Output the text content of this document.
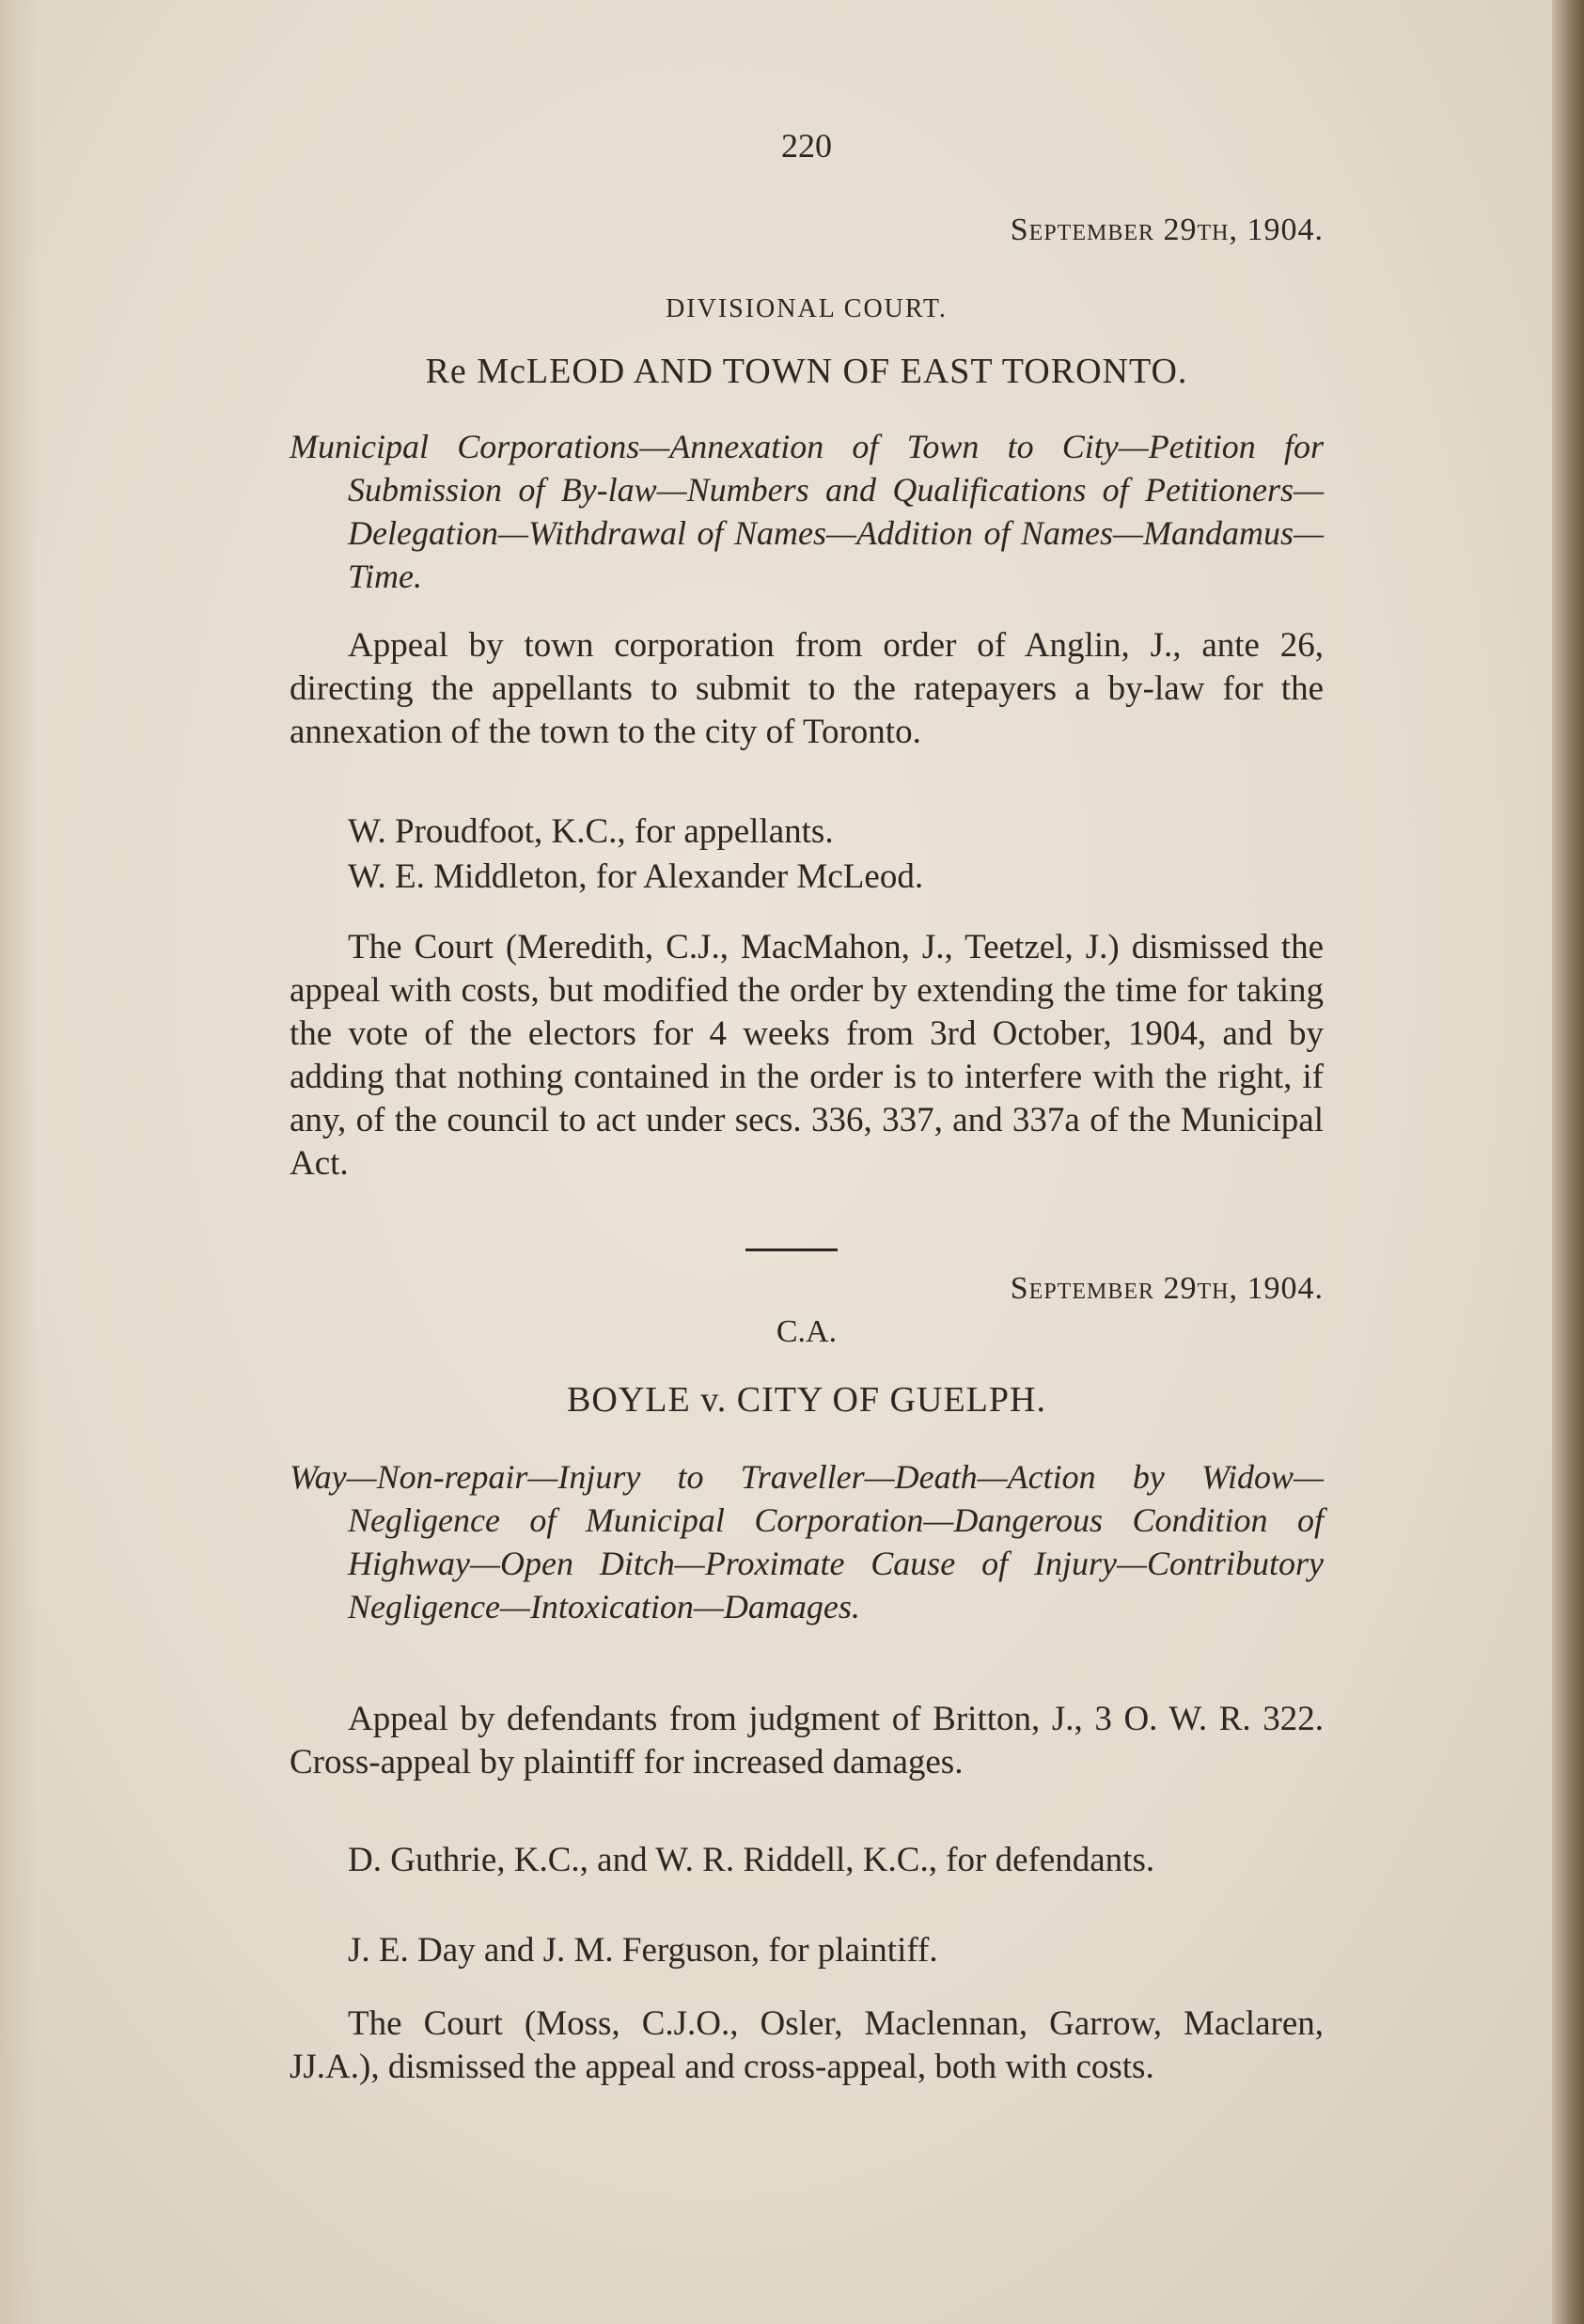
220
September 29th, 1904.
DIVISIONAL COURT.
Re McLEOD AND TOWN OF EAST TORONTO.

Municipal Corporations—Annexation of Town to City—Petition for Submission of By-law—Numbers and Qualifications of Petitioners—Delegation—Withdrawal of Names—Addition of Names—Mandamus—Time.

Appeal by town corporation from order of Anglin, J., ante 26, directing the appellants to submit to the ratepayers a by-law for the annexation of the town to the city of Toronto.

W. Proudfoot, K.C., for appellants.

W. E. Middleton, for Alexander McLeod.

The Court (Meredith, C.J., MacMahon, J., Teetzel, J.) dismissed the appeal with costs, but modified the order by extending the time for taking the vote of the electors for 4 weeks from 3rd October, 1904, and by adding that nothing contained in the order is to interfere with the right, if any, of the council to act under secs. 336, 337, and 337a of the Municipal Act.

September 29th, 1904.
C.A.
BOYLE v. CITY OF GUELPH.

Way—Non-repair—Injury to Traveller—Death—Action by Widow—Negligence of Municipal Corporation—Dangerous Condition of Highway—Open Ditch—Proximate Cause of Injury—Contributory Negligence—Intoxication—Damages.

Appeal by defendants from judgment of Britton, J., 3 O. W. R. 322. Cross-appeal by plaintiff for increased damages.

D. Guthrie, K.C., and W. R. Riddell, K.C., for defendants.

J. E. Day and J. M. Ferguson, for plaintiff.

The Court (Moss, C.J.O., Osler, Maclennan, Garrow, Maclaren, JJ.A.), dismissed the appeal and cross-appeal, both with costs.
